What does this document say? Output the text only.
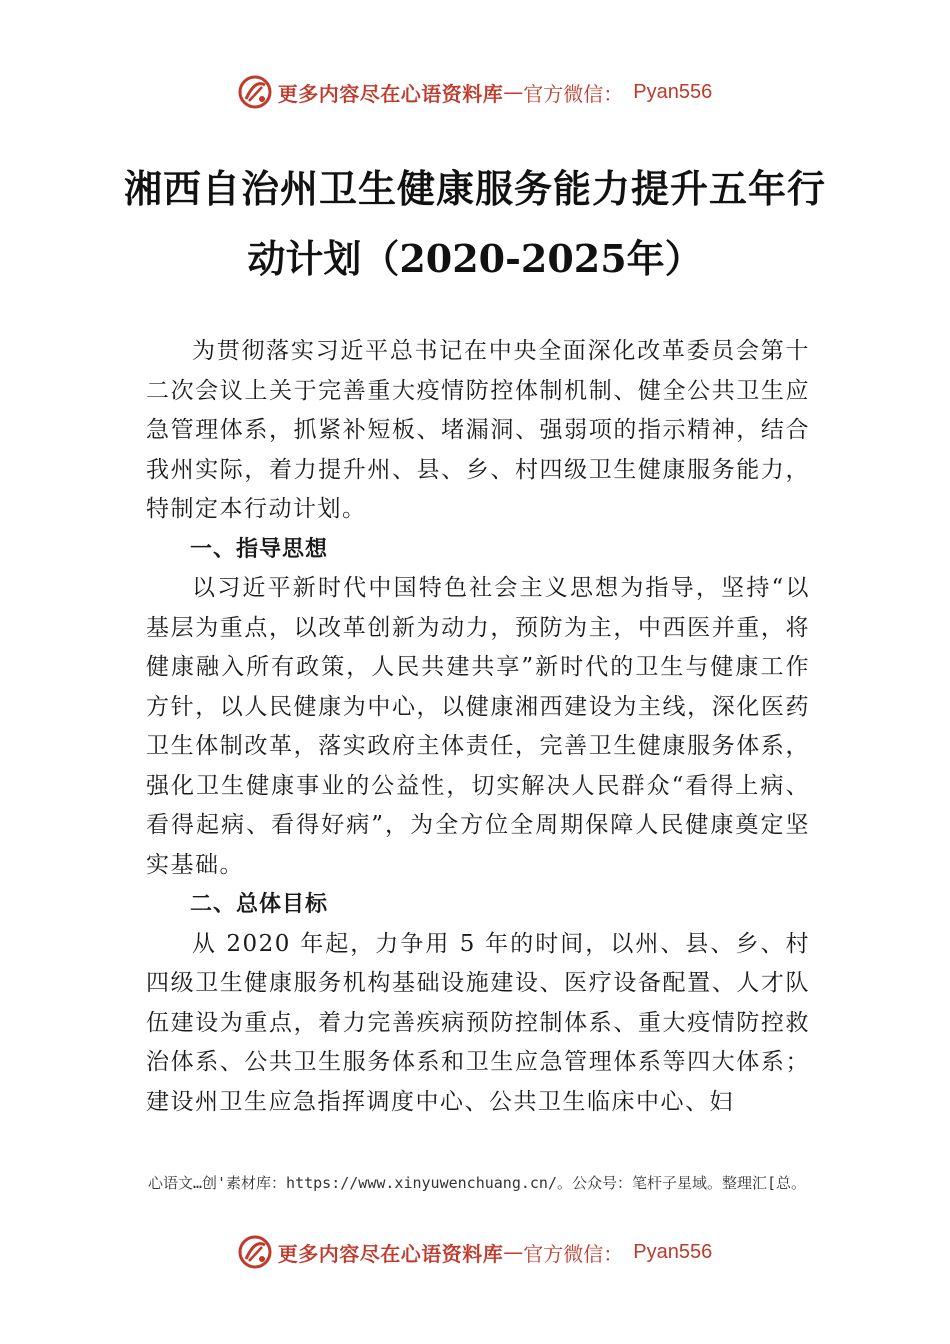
更多内容尽在心语资料库 — 官方微信： Pyan556
湘西自治州卫生健康服务能力提升五年行
动计划（2020-2025年）

为贯彻落实习近平总书记在中央全面深化改革委员会第十二次会议上关于完善重大疫情防控体制机制、健全公共卫生应急管理体系，抓紧补短板、堵漏洞、强弱项的指示精神，结合我州实际，着力提升州、县、乡、村四级卫生健康服务能力，特制定本行动计划。

一、指导思想

以习近平新时代中国特色社会主义思想为指导，坚持“以基层为重点，以改革创新为动力，预防为主，中西医并重，将健康融入所有政策，人民共建共享”新时代的卫生与健康工作方针，以人民健康为中心，以健康湘西建设为主线，深化医药卫生体制改革，落实政府主体责任，完善卫生健康服务体系，强化卫生健康事业的公益性，切实解决人民群众“看得上病、看得起病、看得好病”，为全方位全周期保障人民健康奠定坚实基础。

二、总体目标

从 2020 年起，力争用 5 年的时间，以州、县、乡、村四级卫生健康服务机构基础设施建设、医疗设备配置、人才队伍建设为重点，着力完善疾病预防控制体系、重大疫情防控救治体系、公共卫生服务体系和卫生应急管理体系等四大体系；建设州卫生应急指挥调度中心、公共卫生临床中心、妇

心语文…创'素材库：https://www.xinyuwenchuang.cn/。公众号：笔杆子星域。整理汇[总。
更多内容尽在心语资料库 — 官方微信： Pyan556
